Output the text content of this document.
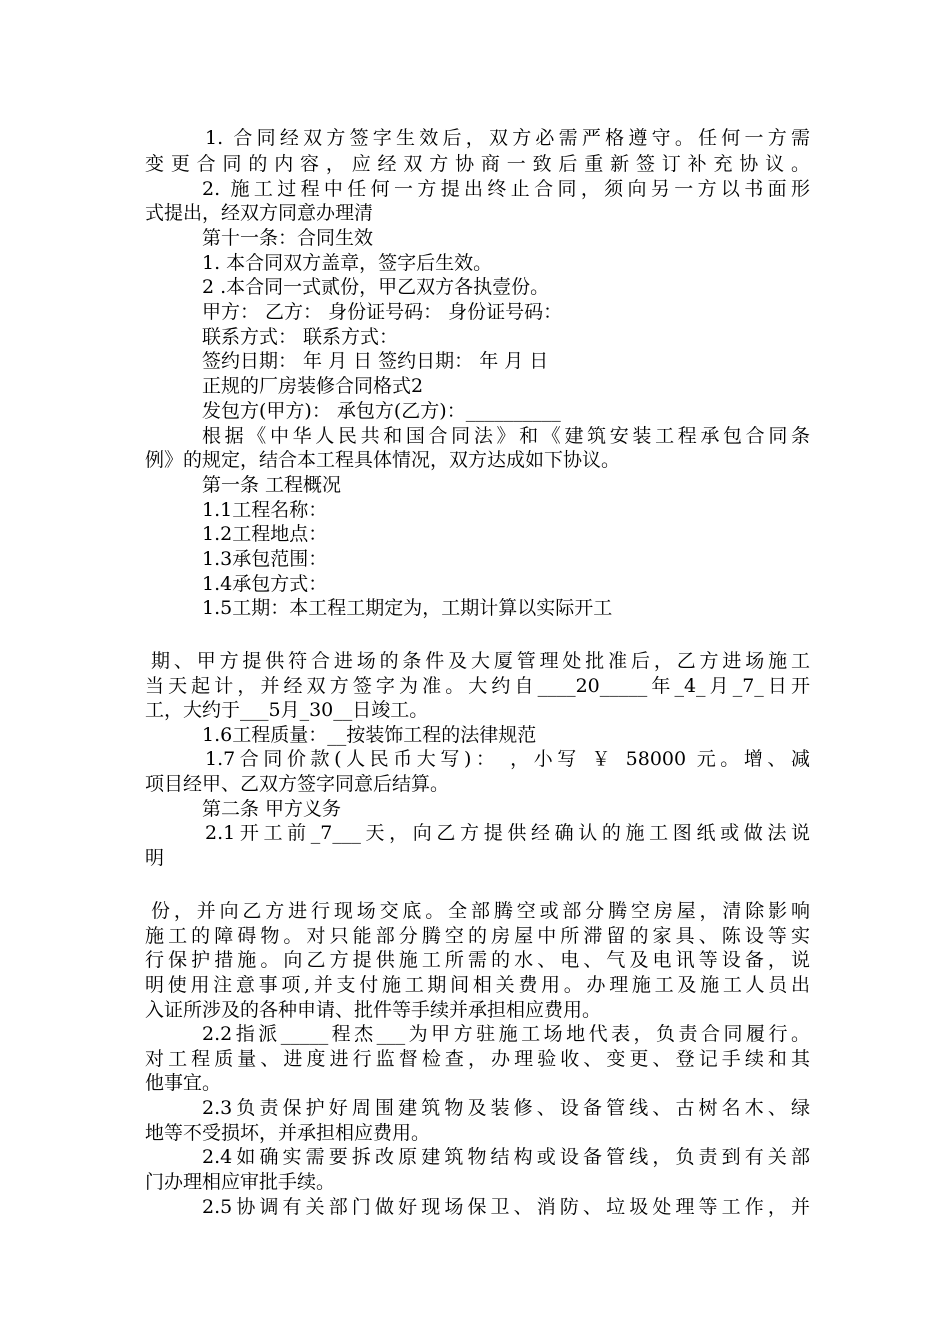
1. 合同经双方签字生效后，双方必需严格遵守。任何一方需
变更合同的内容，应经双方协商一致后重新签订补充协议。
2. 施工过程中任何一方提出终止合同，须向另一方以书面形
式提出，经双方同意办理清
第十一条：合同生效
1. 本合同双方盖章，签字后生效。
2 .本合同一式贰份，甲乙双方各执壹份。
甲方： 乙方： 身份证号码： 身份证号码：
联系方式： 联系方式：
签约日期： 年 月 日 签约日期： 年 月 日
正规的厂房装修合同格式2
发包方(甲方)： 承包方(乙方)：__________
根据《中华人民共和国合同法》和《建筑安装工程承包合同条
例》的规定，结合本工程具体情况，双方达成如下协议。
第一条 工程概况
1.1工程名称：
1.2工程地点：
1.3承包范围：
1.4承包方式：
1.5工期：本工程工期定为，工期计算以实际开工
期、甲方提供符合进场的条件及大厦管理处批准后，乙方进场施工
当天起计，并经双方签字为准。大约自____20_____年_4_月_7_日开
工，大约于___5月_30__日竣工。
1.6工程质量：__按装饰工程的法律规范
1.7合同价款(人民币大写)： ，小写 ￥ 58000 元。增、减
项目经甲、乙双方签字同意后结算。
第二条 甲方义务
2.1开工前_7___天，向乙方提供经确认的施工图纸或做法说
明
份，并向乙方进行现场交底。全部腾空或部分腾空房屋，清除影响
施工的障碍物。对只能部分腾空的房屋中所滞留的家具、陈设等实
行保护措施。向乙方提供施工所需的水、电、气及电讯等设备，说
明使用注意事项,并支付施工期间相关费用。办理施工及施工人员出
入证所涉及的各种申请、批件等手续并承担相应费用。
2.2指派_____程杰___为甲方驻施工场地代表，负责合同履行。
对工程质量、进度进行监督检查，办理验收、变更、登记手续和其
他事宜。
2.3负责保护好周围建筑物及装修、设备管线、古树名木、绿
地等不受损坏，并承担相应费用。
2.4如确实需要拆改原建筑物结构或设备管线，负责到有关部
门办理相应审批手续。
2.5协调有关部门做好现场保卫、消防、垃圾处理等工作，并
